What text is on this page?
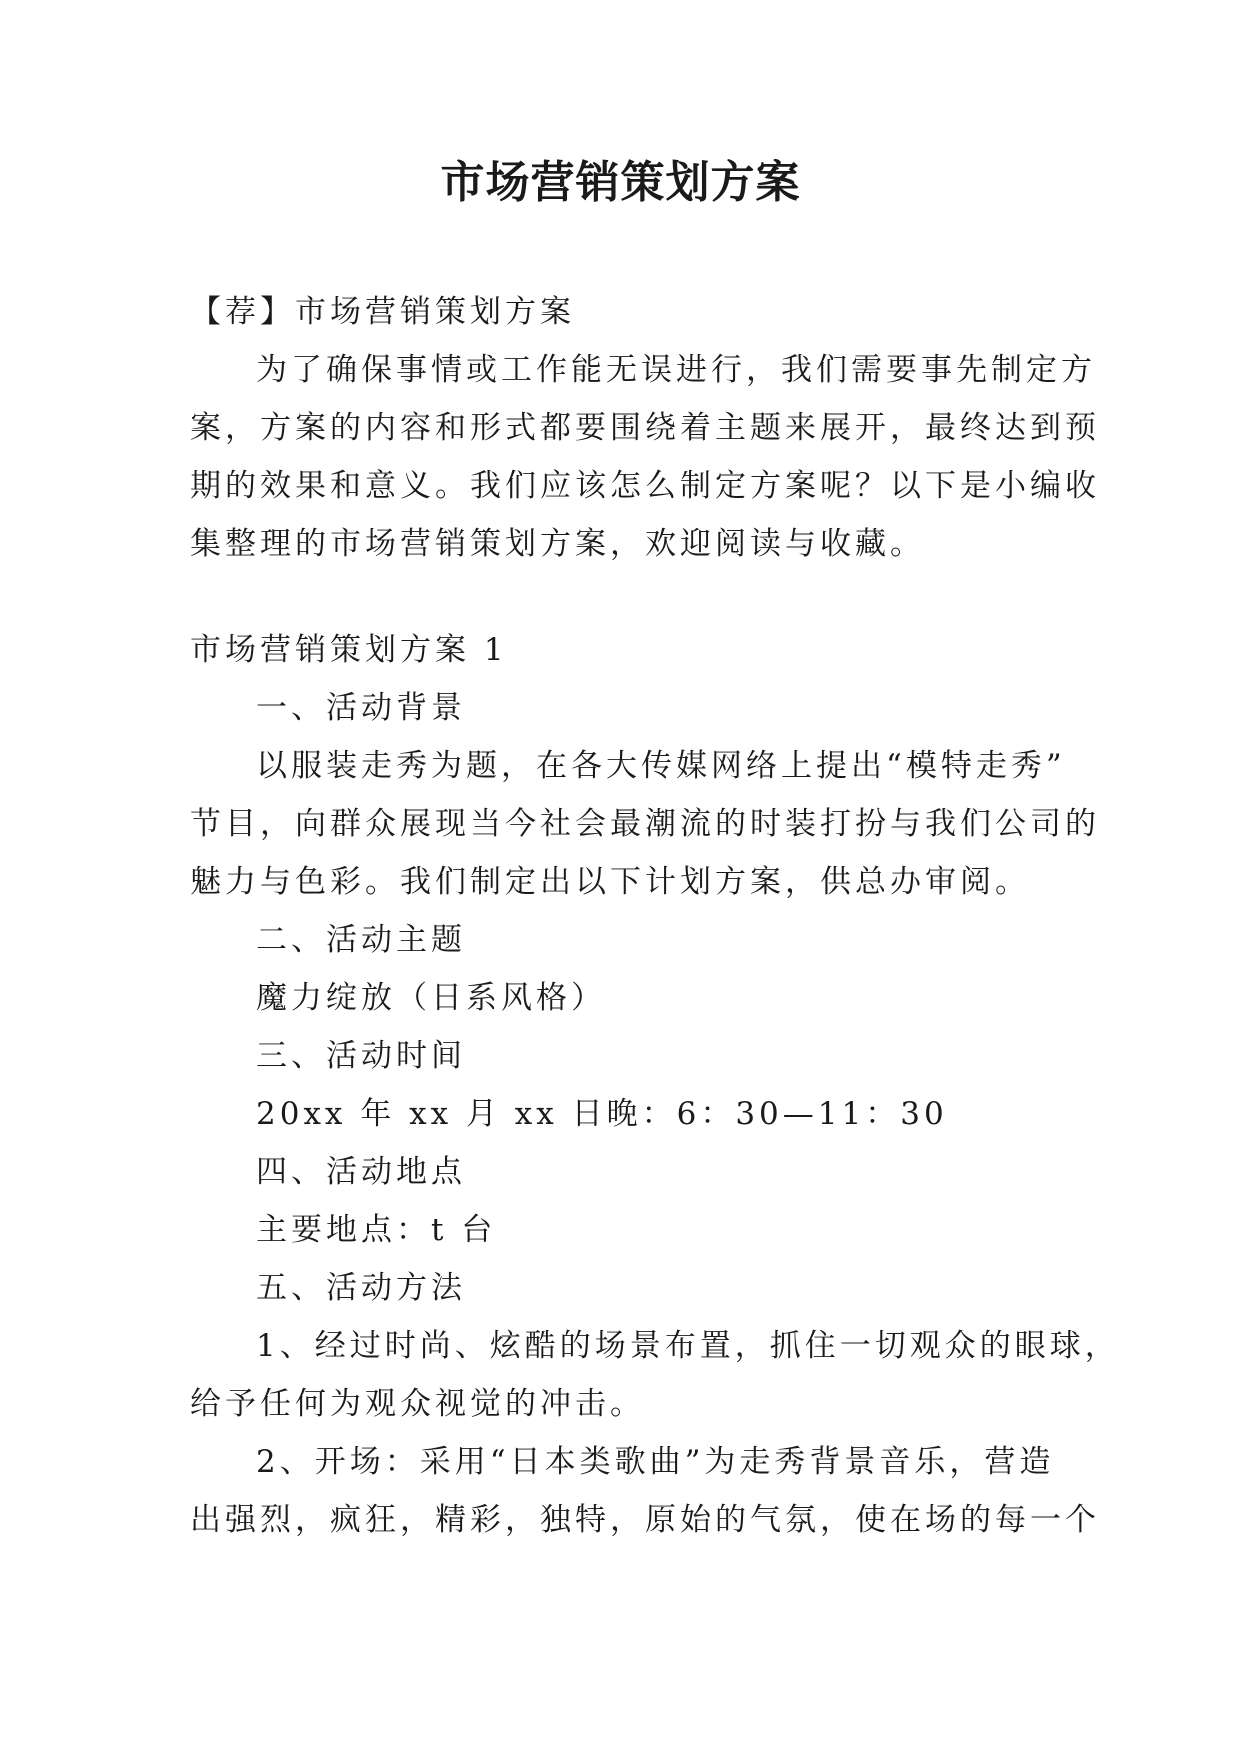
市场营销策划方案

【荐】市场营销策划方案

为了确保事情或工作能无误进行，我们需要事先制定方

案，方案的内容和形式都要围绕着主题来展开，最终达到预

期的效果和意义。我们应该怎么制定方案呢？以下是小编收

集整理的市场营销策划方案，欢迎阅读与收藏。

市场营销策划方案 1

一、活动背景

以服装走秀为题，在各大传媒网络上提出“模特走秀”

节目，向群众展现当今社会最潮流的时装打扮与我们公司的

魅力与色彩。我们制定出以下计划方案，供总办审阅。

二、活动主题

魔力绽放（日系风格）

三、活动时间

20xx 年 xx 月 xx 日晚：6：30—11：30

四、活动地点

主要地点：t 台

五、活动方法

1、经过时尚、炫酷的场景布置，抓住一切观众的眼球，

给予任何为观众视觉的冲击。

2、开场：采用“日本类歌曲”为走秀背景音乐，营造

出强烈，疯狂，精彩，独特，原始的气氛，使在场的每一个
